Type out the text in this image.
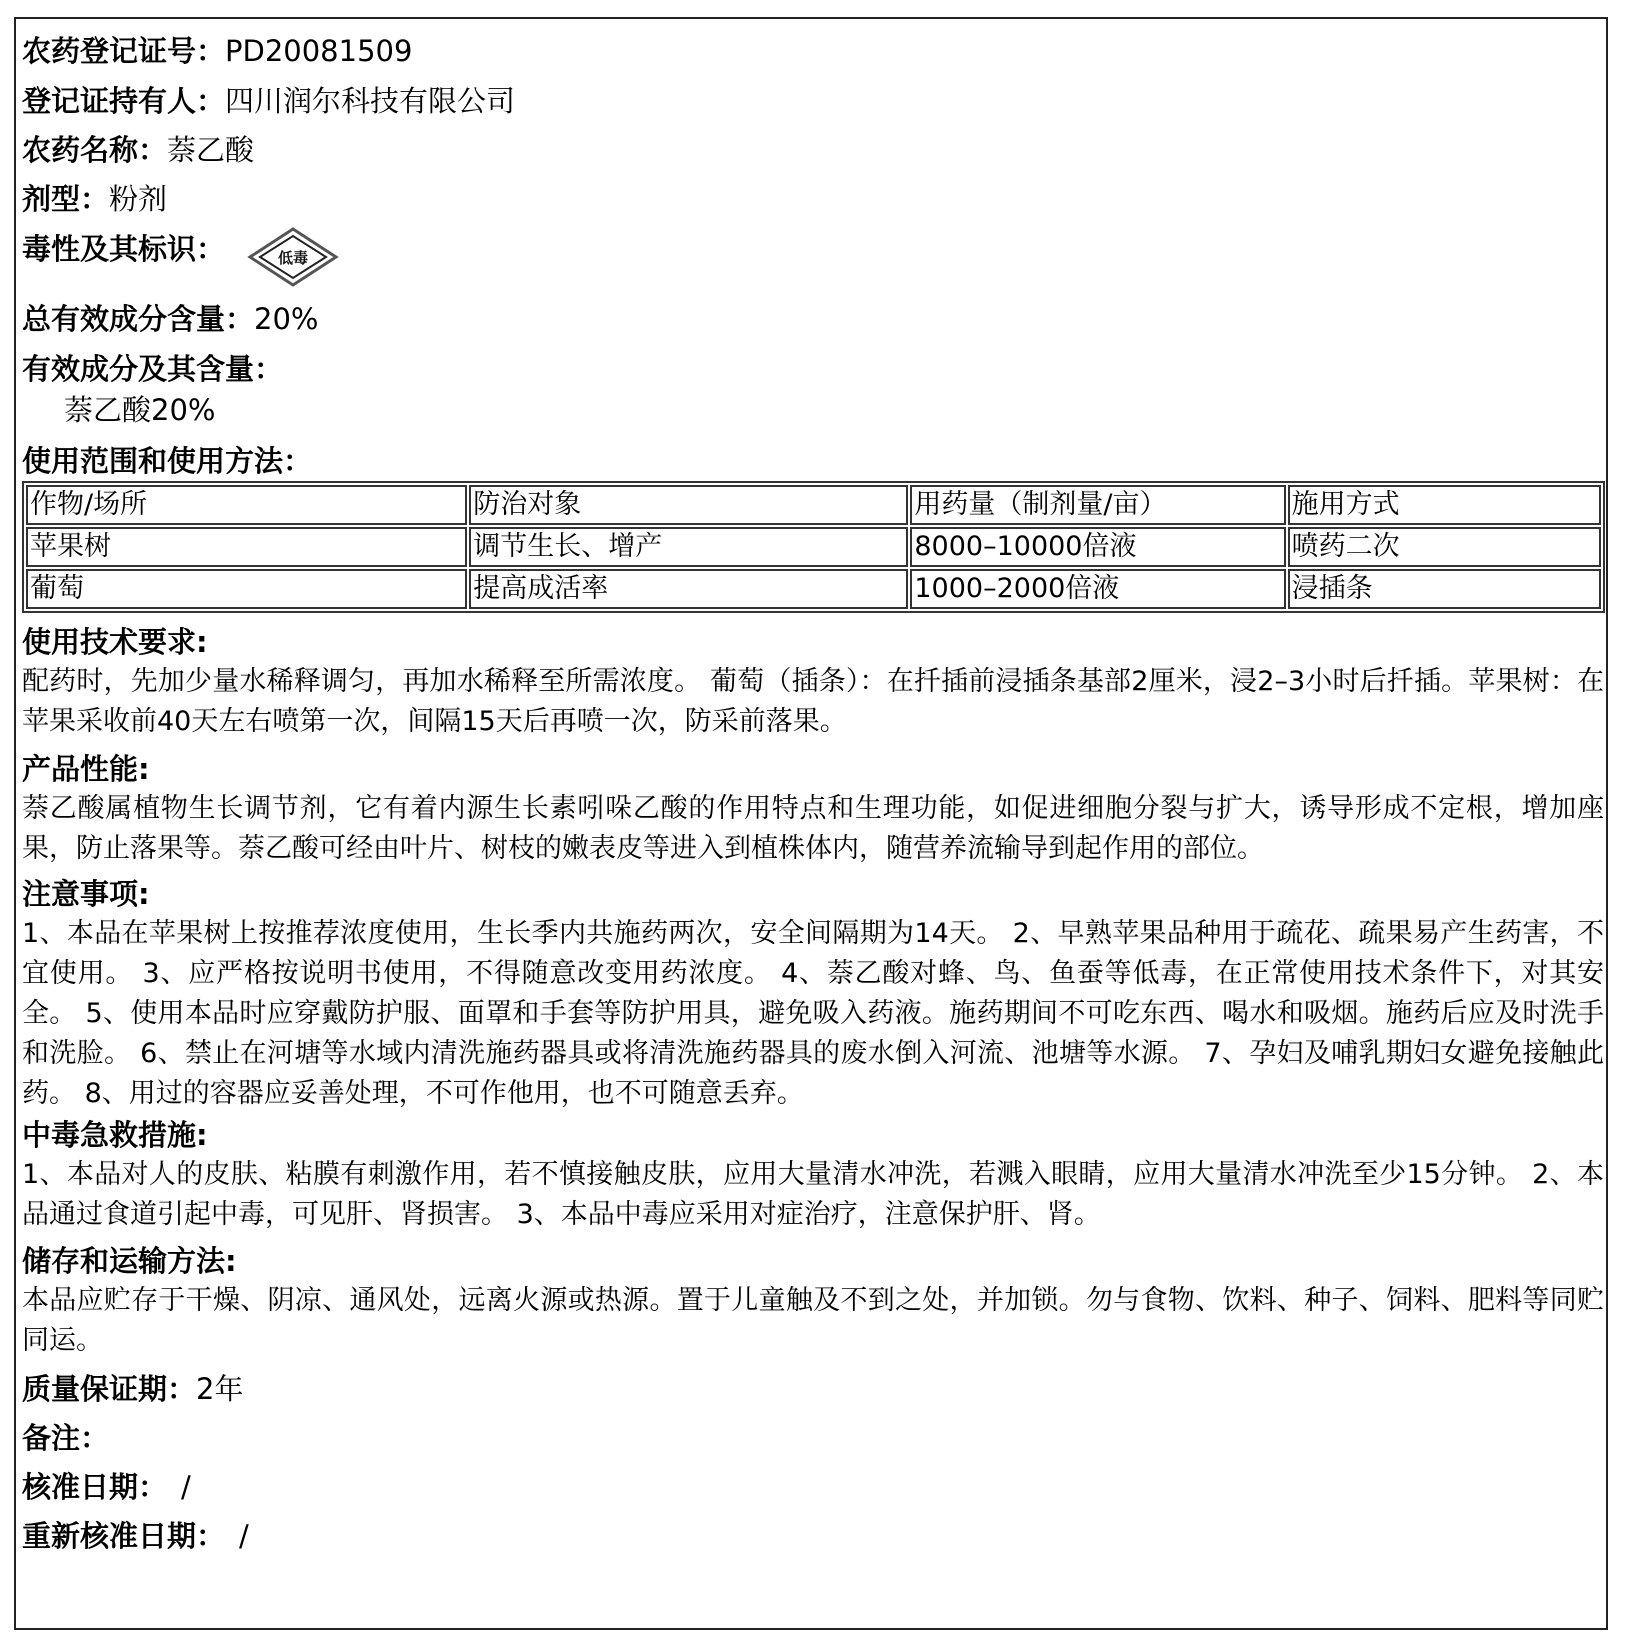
农药登记证号：PD20081509
登记证持有人：四川润尔科技有限公司
农药名称：萘乙酸
剂型：粉剂
毒性及其标识：	低毒
总有效成分含量：20%
有效成分及其含量：
萘乙酸20%
使用范围和使用方法：
作物/场所	防治对象	用药量（制剂量/亩）	施用方式
苹果树	调节生长、增产	8000–10000倍液	喷药二次
葡萄	提高成活率	1000–2000倍液	浸插条
使用技术要求:
配药时，先加少量水稀释调匀，再加水稀释至所需浓度。 葡萄（插条）：在扦插前浸插条基部2厘米，浸2–3小时后扦插。苹果树：在苹果采收前40天左右喷第一次，间隔15天后再喷一次，防采前落果。
产品性能:
萘乙酸属植物生长调节剂，它有着内源生长素吲哚乙酸的作用特点和生理功能，如促进细胞分裂与扩大，诱导形成不定根，增加座果，防止落果等。萘乙酸可经由叶片、树枝的嫩表皮等进入到植株体内，随营养流输导到起作用的部位。
注意事项:
1、本品在苹果树上按推荐浓度使用，生长季内共施药两次，安全间隔期为14天。 2、早熟苹果品种用于疏花、疏果易产生药害，不宜使用。 3、应严格按说明书使用，不得随意改变用药浓度。 4、萘乙酸对蜂、鸟、鱼蚕等低毒，在正常使用技术条件下，对其安全。 5、使用本品时应穿戴防护服、面罩和手套等防护用具，避免吸入药液。施药期间不可吃东西、喝水和吸烟。施药后应及时洗手和洗脸。 6、禁止在河塘等水域内清洗施药器具或将清洗施药器具的废水倒入河流、池塘等水源。 7、孕妇及哺乳期妇女避免接触此药。 8、用过的容器应妥善处理，不可作他用，也不可随意丢弃。
中毒急救措施:
1、本品对人的皮肤、粘膜有刺激作用，若不慎接触皮肤，应用大量清水冲洗，若溅入眼睛，应用大量清水冲洗至少15分钟。 2、本品通过食道引起中毒，可见肝、肾损害。 3、本品中毒应采用对症治疗，注意保护肝、肾。
储存和运输方法:
本品应贮存于干燥、阴凉、通风处，远离火源或热源。置于儿童触及不到之处，并加锁。勿与食物、饮料、种子、饲料、肥料等同贮同运。
质量保证期：2年
备注：
核准日期： /
重新核准日期： /
